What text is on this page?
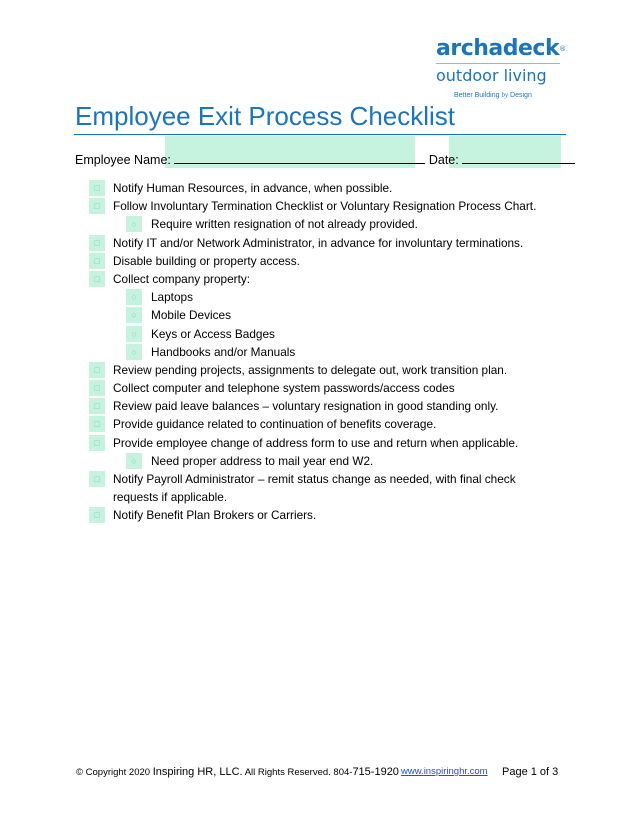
archadeck®
outdoor living
Better Building by Design
Employee Exit Process Checklist
Employee Name:	Date:
□	Notify Human Resources, in advance, when possible.
□	Follow Involuntary Termination Checklist or Voluntary Resignation Process Chart.
○	Require written resignation of not already provided.
□	Notify IT and/or Network Administrator, in advance for involuntary terminations.
□	Disable building or property access.
□	Collect company property:
○	Laptops
○	Mobile Devices
○	Keys or Access Badges
○	Handbooks and/or Manuals
□	Review pending projects, assignments to delegate out, work transition plan.
□	Collect computer and telephone system passwords/access codes
□	Review paid leave balances – voluntary resignation in good standing only.
□	Provide guidance related to continuation of benefits coverage.
□	Provide employee change of address form to use and return when applicable.
○	Need proper address to mail year end W2.
□	Notify Payroll Administrator – remit status change as needed, with final check requests if applicable.
□	Notify Benefit Plan Brokers or Carriers.
© Copyright 2020 Inspiring HR, LLC. All Rights Reserved. 804-715-1920 www.inspiringhr.com Page 1 of 3
